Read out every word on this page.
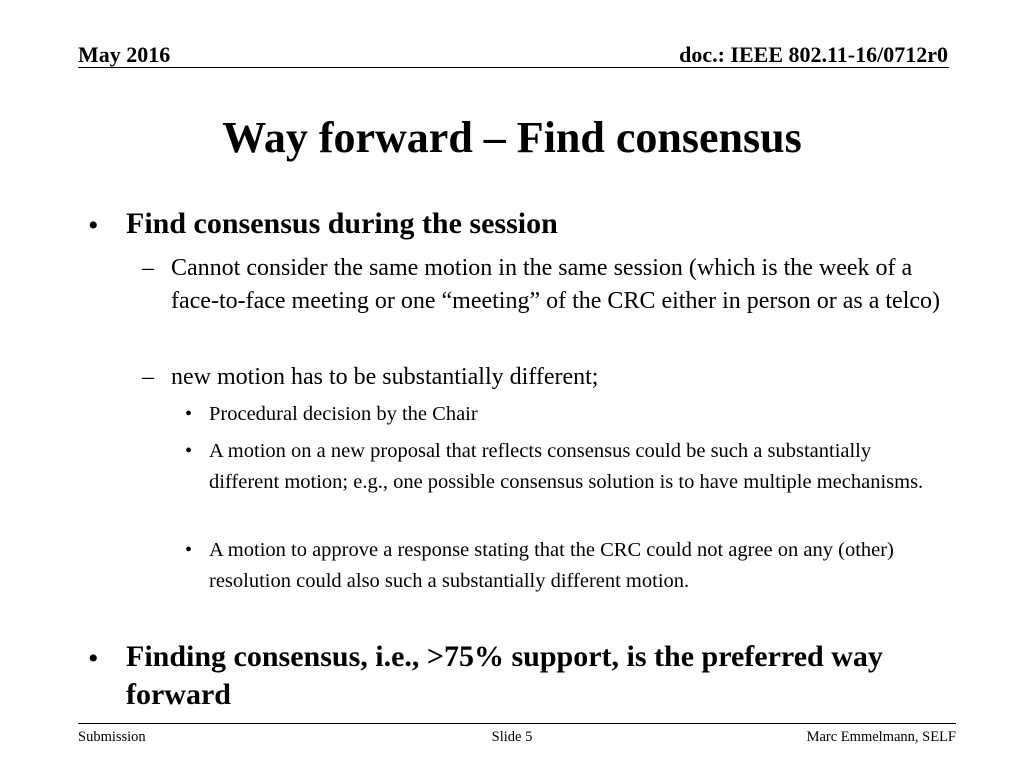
May 2016	doc.: IEEE 802.11-16/0712r0
Way forward – Find consensus
• Find consensus during the session
– Cannot consider the same motion in the same session (which is the week of a face-to-face meeting or one “meeting” of the CRC either in person or as a telco)
– new motion has to be substantially different;
• Procedural decision by the Chair
• A motion on a new proposal that reflects consensus could be such a substantially different motion; e.g., one possible consensus solution is to have multiple mechanisms.
• A motion to approve a response stating that the CRC could not agree on any (other) resolution could also such a substantially different motion.
• Finding consensus, i.e., >75% support, is the preferred way forward
Submission	Slide 5	Marc Emmelmann, SELF
